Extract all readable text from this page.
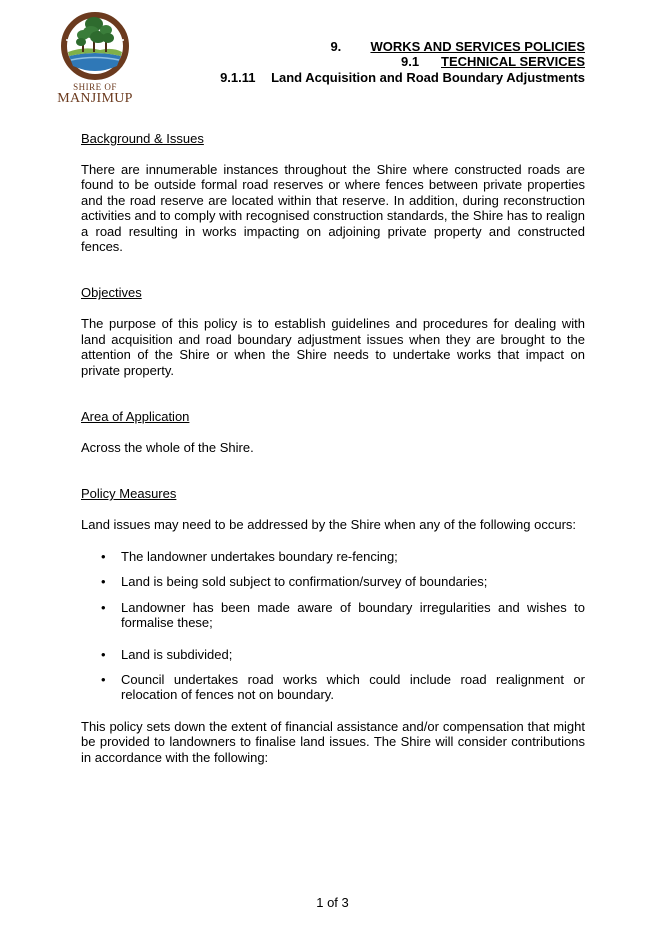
SHIRE OF
MANJIMUP
9. WORKS AND SERVICES POLICIES
9.1 TECHNICAL SERVICES
9.1.11 Land Acquisition and Road Boundary Adjustments

Background & Issues

There are innumerable instances throughout the Shire where constructed roads are found to be outside formal road reserves or where fences between private properties and the road reserve are located within that reserve. In addition, during reconstruction activities and to comply with recognised construction standards, the Shire has to realign a road resulting in works impacting on adjoining private property and constructed fences.

Objectives

The purpose of this policy is to establish guidelines and procedures for dealing with land acquisition and road boundary adjustment issues when they are brought to the attention of the Shire or when the Shire needs to undertake works that impact on private property.

Area of Application

Across the whole of the Shire.

Policy Measures

Land issues may need to be addressed by the Shire when any of the following occurs:

• The landowner undertakes boundary re-fencing;
• Land is being sold subject to confirmation/survey of boundaries;
• Landowner has been made aware of boundary irregularities and wishes to formalise these;
• Land is subdivided;
• Council undertakes road works which could include road realignment or relocation of fences not on boundary.

This policy sets down the extent of financial assistance and/or compensation that might be provided to landowners to finalise land issues. The Shire will consider contributions in accordance with the following:

1 of 3
